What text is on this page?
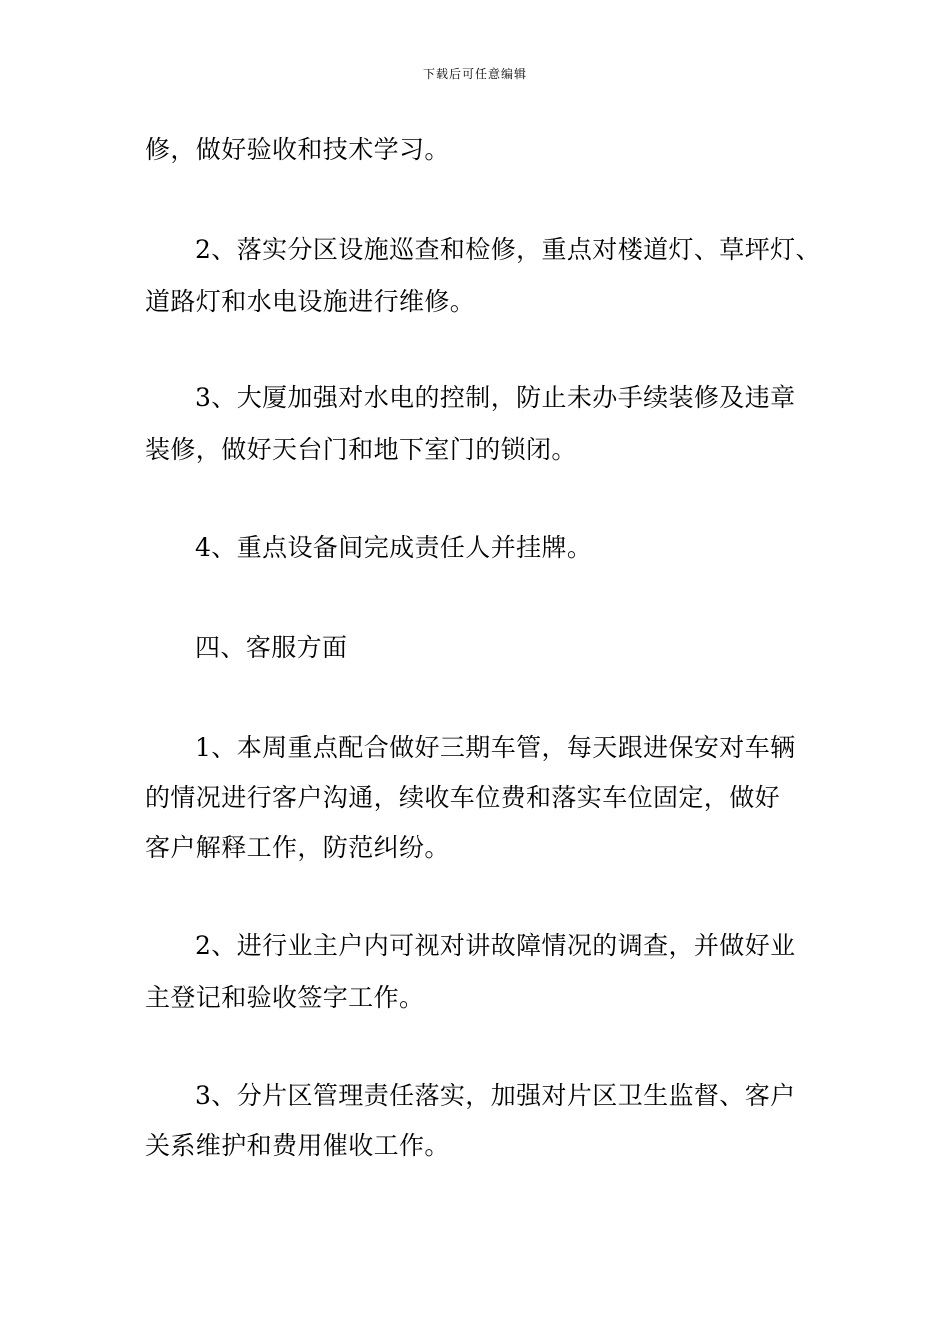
下载后可任意编辑
修，做好验收和技术学习。
2、落实分区设施巡查和检修，重点对楼道灯、草坪灯、
道路灯和水电设施进行维修。
3、大厦加强对水电的控制，防止未办手续装修及违章
装修，做好天台门和地下室门的锁闭。
4、重点设备间完成责任人并挂牌。
四、客服方面
1、本周重点配合做好三期车管，每天跟进保安对车辆
的情况进行客户沟通，续收车位费和落实车位固定，做好
客户解释工作，防范纠纷。
2、进行业主户内可视对讲故障情况的调查，并做好业
主登记和验收签字工作。
3、分片区管理责任落实，加强对片区卫生监督、客户
关系维护和费用催收工作。
